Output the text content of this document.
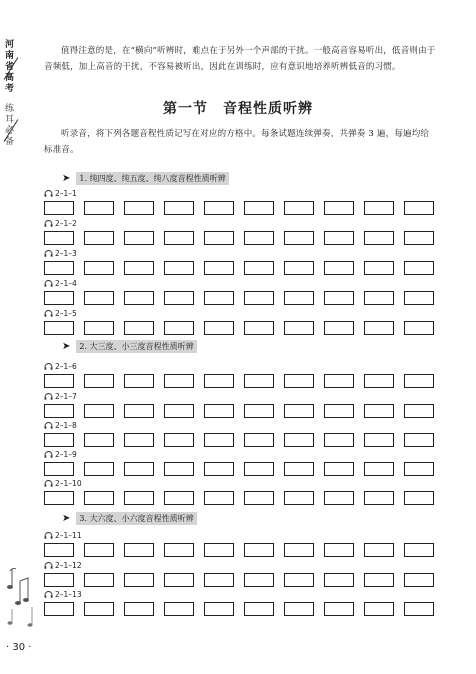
河南省高考
练耳必备
· 30 ·
值得注意的是，在“横向”听辨时，难点在于另外一个声部的干扰。一般高音容易听出，低音则由于音频低，加上高音的干扰，不容易被听出，因此在训练时，应有意识地培养听辨低音的习惯。
第一节　音程性质听辨
听录音，将下列各题音程性质记写在对应的方格中。每条试题连续弹奏，共弹奏 3 遍，每遍均给标准音。
➤	1. 纯四度、纯五度、纯八度音程性质听辨
➤	2. 大三度、小三度音程性质听辨
➤	3. 大六度、小六度音程性质听辨
2–1–1
2–1–2
2–1–3
2–1–4
2–1–5
2–1–6
2–1–7
2–1–8
2–1–9
2–1–10
2–1–11
2–1–12
2–1–13
